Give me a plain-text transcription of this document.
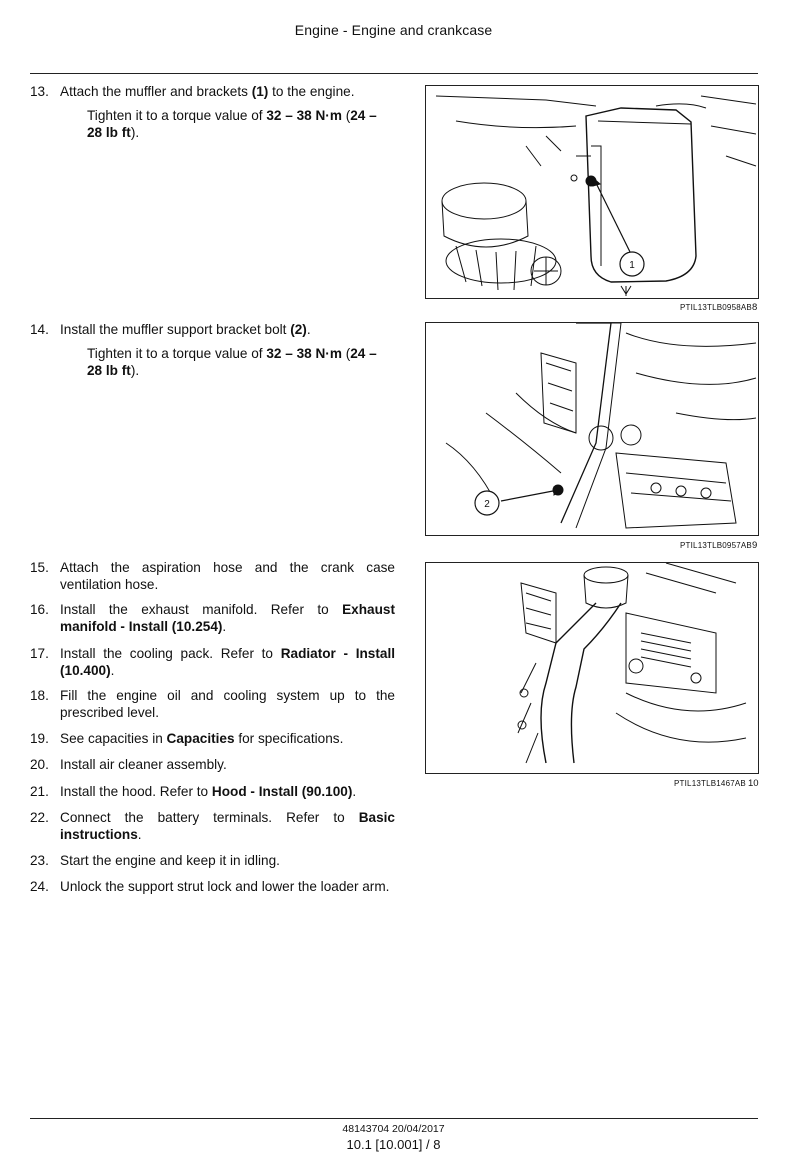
Engine - Engine and crankcase
13. Attach the muffler and brackets (1) to the engine.
Tighten it to a torque value of 32 – 38 N·m (24 – 28 lb ft).
14. Install the muffler support bracket bolt (2).
Tighten it to a torque value of 32 – 38 N·m (24 – 28 lb ft).
15. Attach the aspiration hose and the crank case ventilation hose.
16. Install the exhaust manifold. Refer to Exhaust manifold - Install (10.254).
17. Install the cooling pack. Refer to Radiator - Install (10.400).
18. Fill the engine oil and cooling system up to the prescribed level.
19. See capacities in Capacities for specifications.
20. Install air cleaner assembly.
21. Install the hood. Refer to Hood - Install (90.100).
22. Connect the battery terminals. Refer to Basic instructions.
23. Start the engine and keep it in idling.
24. Unlock the support strut lock and lower the loader arm.
1
PTIL13TLB0958AB 8
2
PTIL13TLB0957AB 9
PTIL13TLB1467AB 10
48143704 20/04/2017
10.1 [10.001] / 8
